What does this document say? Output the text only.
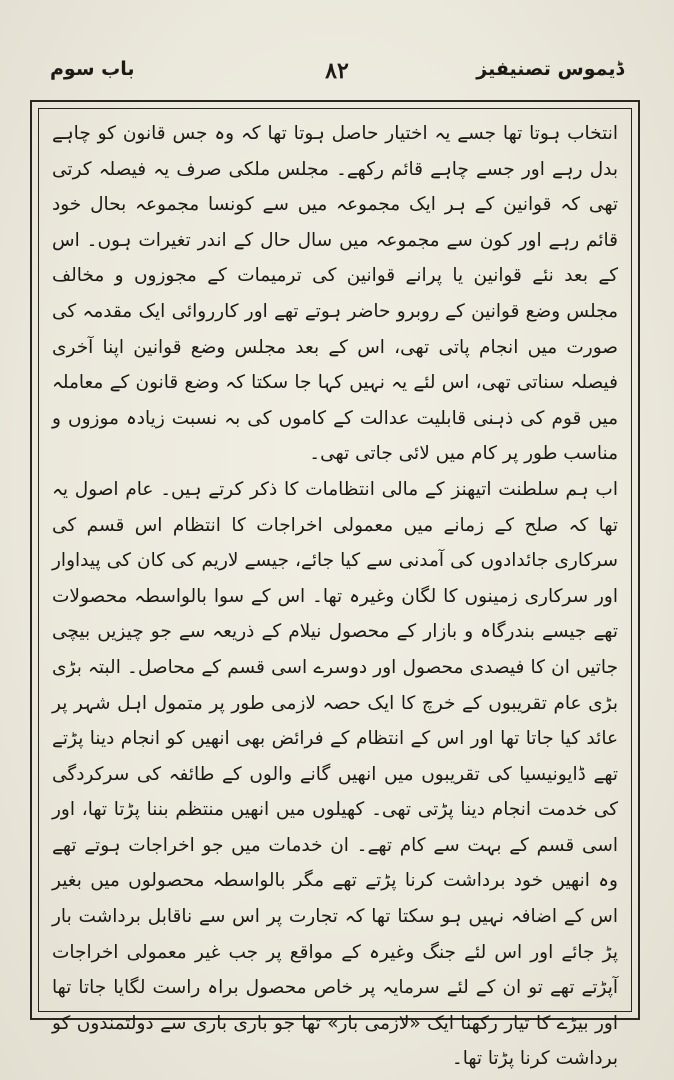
باب سوم	۸۲	ڈیموس تصنیفیز

انتخاب ہوتا تھا جسے یہ اختیار حاصل ہوتا تھا کہ وہ جس قانون کو چاہے بدل رہے اور جسے چاہے قائم رکھے۔ مجلس ملکی صرف یہ فیصلہ کرتی تھی کہ قوانین کے ہر ایک مجموعہ میں سے کونسا مجموعہ بحال خود قائم رہے اور کون سے مجموعہ میں سال حال کے اندر تغیرات ہوں۔ اس کے بعد نئے قوانین یا پرانے قوانین کی ترمیمات کے مجوزوں و مخالف مجلس وضع قوانین کے روبرو حاضر ہوتے تھے اور کارروائی ایک مقدمہ کی صورت میں انجام پاتی تھی، اس کے بعد مجلس وضع قوانین اپنا آخری فیصلہ سناتی تھی، اس لئے یہ نہیں کہا جا سکتا کہ وضع قانون کے معاملہ میں قوم کی ذہنی قابلیت عدالت کے کاموں کی بہ نسبت زیادہ موزوں و مناسب طور پر کام میں لائی جاتی تھی۔

اب ہم سلطنت اتیھنز کے مالی انتظامات کا ذکر کرتے ہیں۔ عام اصول یہ تھا کہ صلح کے زمانے میں معمولی اخراجات کا انتظام اس قسم کی سرکاری جائدادوں کی آمدنی سے کیا جائے، جیسے لاریم کی کان کی پیداوار اور سرکاری زمینوں کا لگان وغیرہ تھا۔ اس کے سوا بالواسطہ محصولات تھے جیسے بندرگاہ و بازار کے محصول نیلام کے ذریعہ سے جو چیزیں بیچی جاتیں ان کا فیصدی محصول اور دوسرے اسی قسم کے محاصل۔ البتہ بڑی بڑی عام تقریبوں کے خرچ کا ایک حصہ لازمی طور پر متمول اہل شہر پر عائد کیا جاتا تھا اور اس کے انتظام کے فرائض بھی انھیں کو انجام دینا پڑتے تھے ڈایونیسیا کی تقریبوں میں انھیں گانے والوں کے طائفہ کی سرکردگی کی خدمت انجام دینا پڑتی تھی۔ کھیلوں میں انھیں منتظم بننا پڑتا تھا، اور اسی قسم کے بہت سے کام تھے۔ ان خدمات میں جو اخراجات ہوتے تھے وہ انھیں خود برداشت کرنا پڑتے تھے مگر بالواسطہ محصولوں میں بغیر اس کے اضافہ نہیں ہو سکتا تھا کہ تجارت پر اس سے ناقابل برداشت بار پڑ جائے اور اس لئے جنگ وغیرہ کے مواقع پر جب غیر معمولی اخراجات آپڑتے تھے تو ان کے لئے سرمایہ پر خاص محصول براہ راست لگایا جاتا تھا اور بیڑے کا تیار رکھنا ایک «لازمی بار» تھا جو باری باری سے دولتمندوں کو برداشت کرنا پڑتا تھا۔
